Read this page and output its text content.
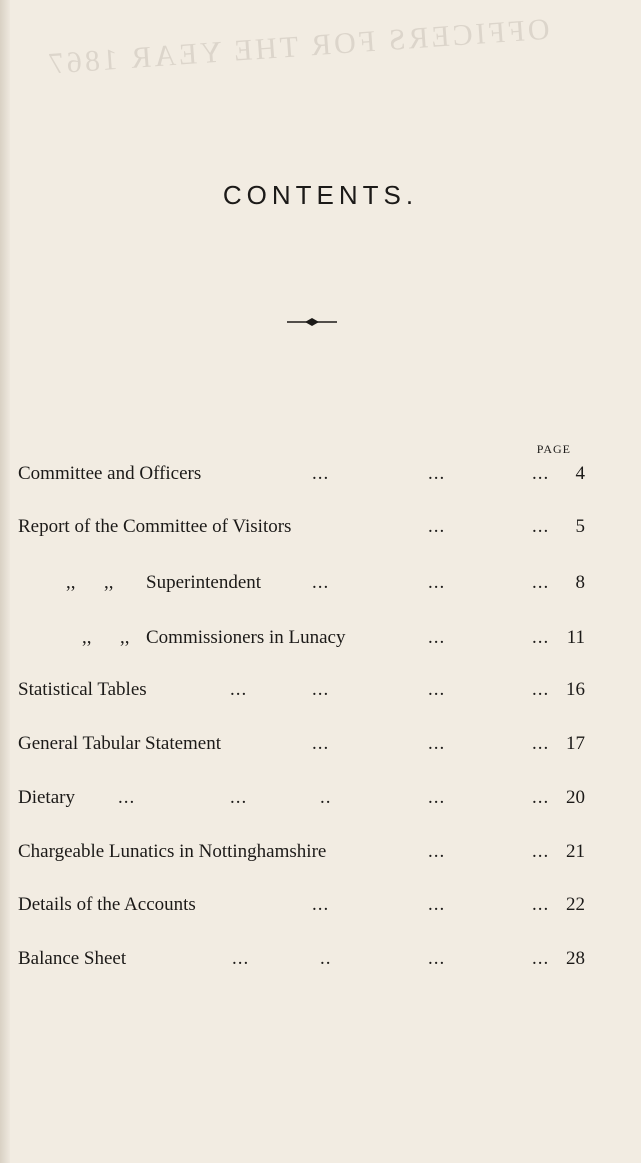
OFFICERS FOR THE YEAR 1867
CONTENTS.
PAGE
Committee and Officers	...	...	...	4
Report of the Committee of Visitors	...	...	5
,, ,, Superintendent	...	...	...	8
,, ,, Commissioners in Lunacy	...	... 11
Statistical Tables	...	...	...	... 16
General Tabular Statement	...	...	... 17
Dietary ...	...	..	...	... 20
Chargeable Lunatics in Nottinghamshire	...	... 21
Details of the Accounts	...	...	... 22
Balance Sheet	...	..	...	... 28
